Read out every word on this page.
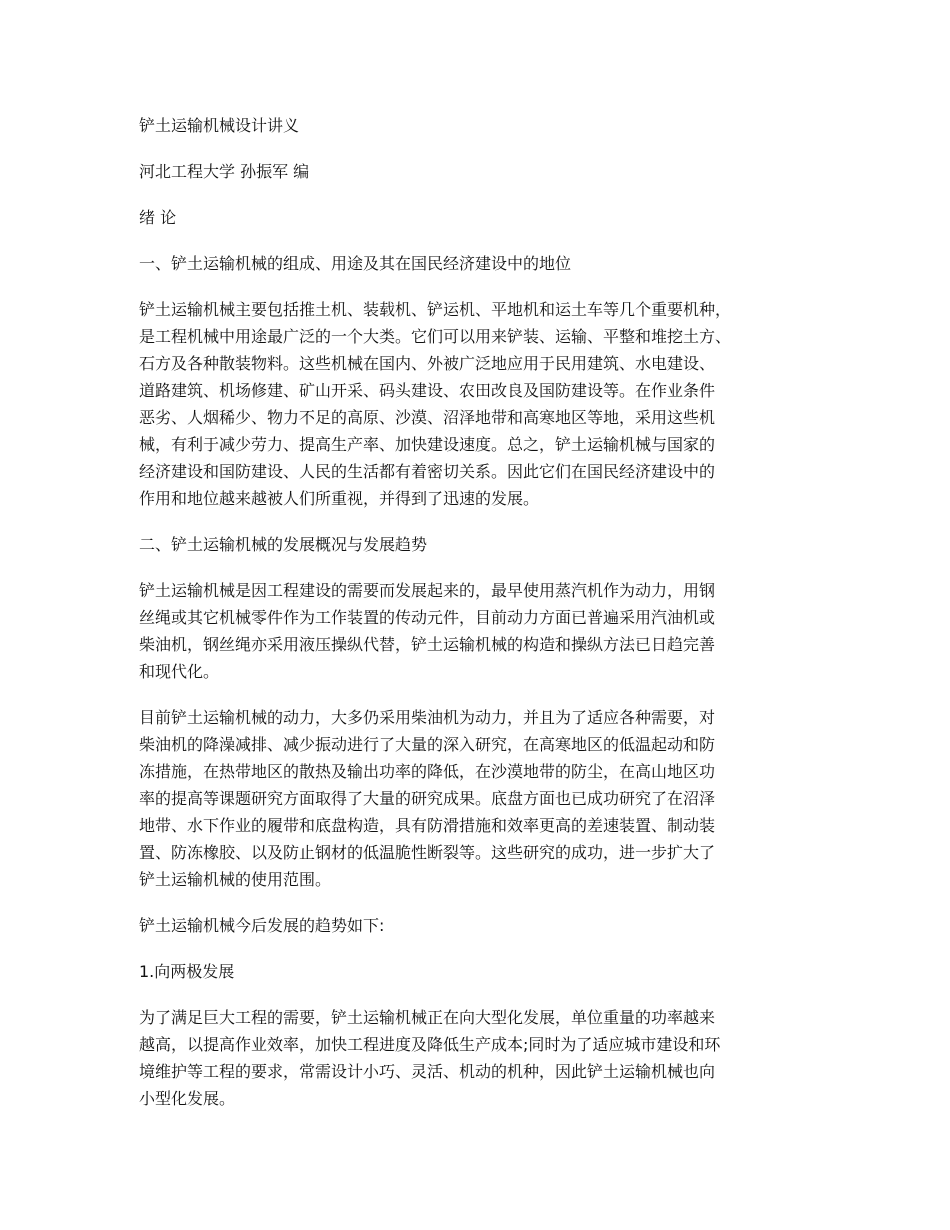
铲土运输机械设计讲义
河北工程大学 孙振军 编
绪 论
一、铲土运输机械的组成、用途及其在国民经济建设中的地位
铲土运输机械主要包括推土机、装载机、铲运机、平地机和运土车等几个重要机种，
是工程机械中用途最广泛的一个大类。它们可以用来铲装、运输、平整和堆挖土方、
石方及各种散装物料。这些机械在国内、外被广泛地应用于民用建筑、水电建设、
道路建筑、机场修建、矿山开采、码头建设、农田改良及国防建设等。在作业条件
恶劣、人烟稀少、物力不足的高原、沙漠、沼泽地带和高寒地区等地，采用这些机
械，有利于减少劳力、提高生产率、加快建设速度。总之，铲土运输机械与国家的
经济建设和国防建设、人民的生活都有着密切关系。因此它们在国民经济建设中的
作用和地位越来越被人们所重视，并得到了迅速的发展。
二、铲土运输机械的发展概况与发展趋势
铲土运输机械是因工程建设的需要而发展起来的，最早使用蒸汽机作为动力，用钢
丝绳或其它机械零件作为工作装置的传动元件，目前动力方面已普遍采用汽油机或
柴油机，钢丝绳亦采用液压操纵代替，铲土运输机械的构造和操纵方法已日趋完善
和现代化。
目前铲土运输机械的动力，大多仍采用柴油机为动力，并且为了适应各种需要，对
柴油机的降澡减排、减少振动进行了大量的深入研究，在高寒地区的低温起动和防
冻措施，在热带地区的散热及输出功率的降低，在沙漠地带的防尘，在高山地区功
率的提高等课题研究方面取得了大量的研究成果。底盘方面也已成功研究了在沼泽
地带、水下作业的履带和底盘构造，具有防滑措施和效率更高的差速装置、制动装
置、防冻橡胶、以及防止钢材的低温脆性断裂等。这些研究的成功，进一步扩大了
铲土运输机械的使用范围。
铲土运输机械今后发展的趋势如下:
1.向两极发展
为了满足巨大工程的需要，铲土运输机械正在向大型化发展，单位重量的功率越来
越高，以提高作业效率，加快工程进度及降低生产成本;同时为了适应城市建设和环
境维护等工程的要求，常需设计小巧、灵活、机动的机种，因此铲土运输机械也向
小型化发展。
